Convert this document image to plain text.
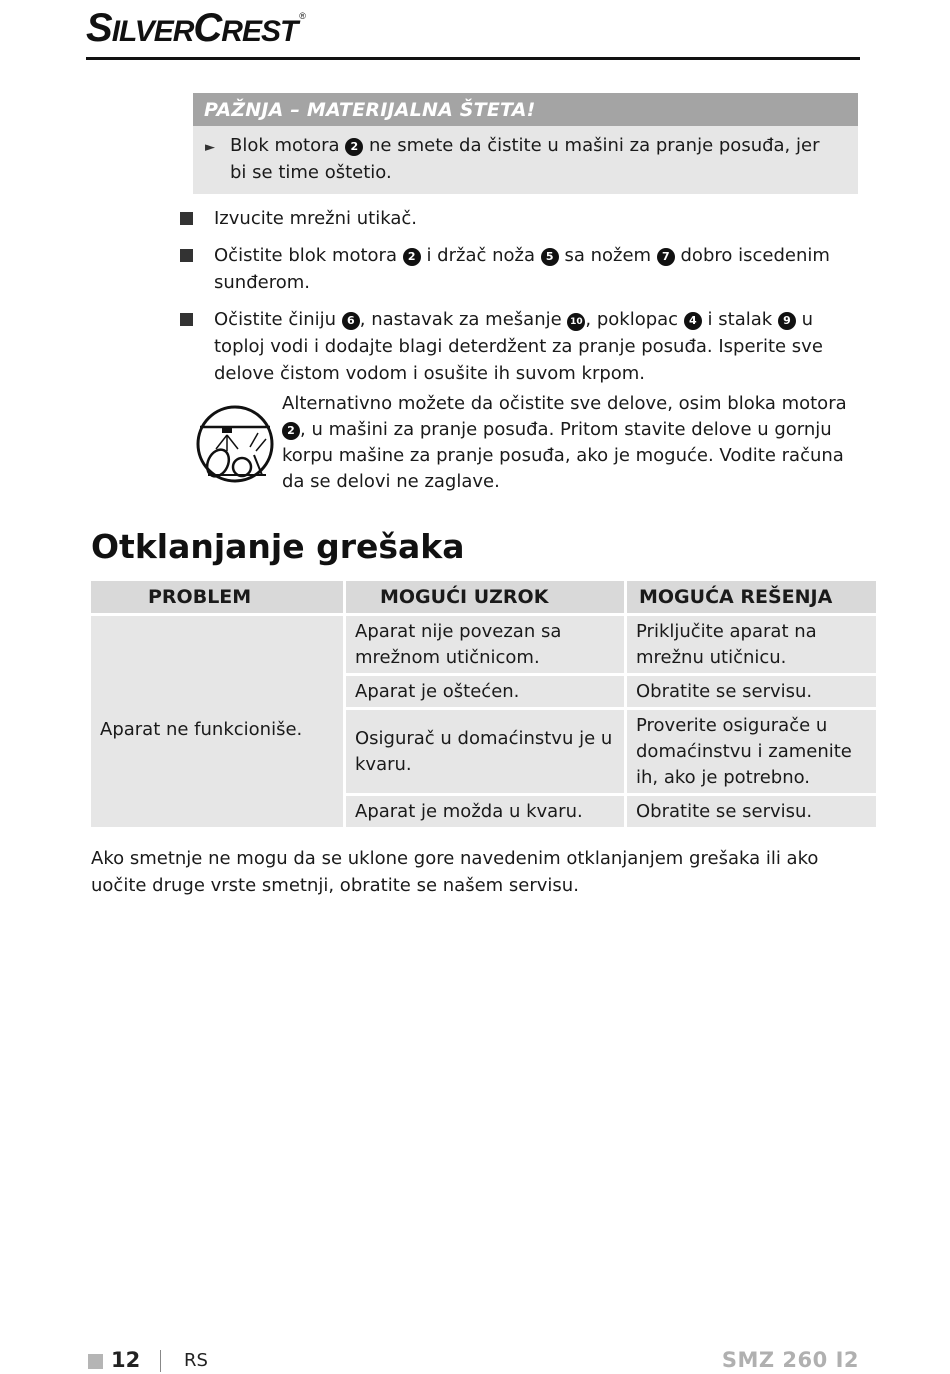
SILVERCREST ®
PAŽNJA – MATERIJALNA ŠTETA!
► Blok motora 2 ne smete da čistite u mašini za pranje posuđa, jer bi se time oštetio.
Izvucite mrežni utikač.
Očistite blok motora 2 i držač noža 5 sa nožem 7 dobro iscedenim sunđerom.
Očistite činiju 6 , nastavak za mešanje 10 , poklopac 4 i stalak 9 u toploj vodi i dodajte blagi deterdžent za pranje posuđa. Isperite sve delove čistom vodom i osušite ih suvom krpom.
Alternativno možete da očistite sve delove, osim bloka motora 2 , u mašini za pranje posuđa. Pritom stavite delove u gornju korpu mašine za pranje posuđa, ako je moguće. Vodite računa da se delovi ne zaglave.
Otklanjanje grešaka
PROBLEM	MOGUĆI UZROK	MOGUĆA REŠENJA
Aparat ne funkcioniše.	Aparat nije povezan sa mrežnom utičnicom.	Priključite aparat na mrežnu utičnicu.
	Aparat je oštećen.	Obratite se servisu.
	Osigurač u domaćinstvu je u kvaru.	Proverite osigurače u domaćinstvu i zamenite ih, ako je potrebno.
	Aparat je možda u kvaru.	Obratite se servisu.
Ako smetnje ne mogu da se uklone gore navedenim otklanjanjem grešaka ili ako uočite druge vrste smetnji, obratite se našem servisu.
12 RS	SMZ 260 I2
